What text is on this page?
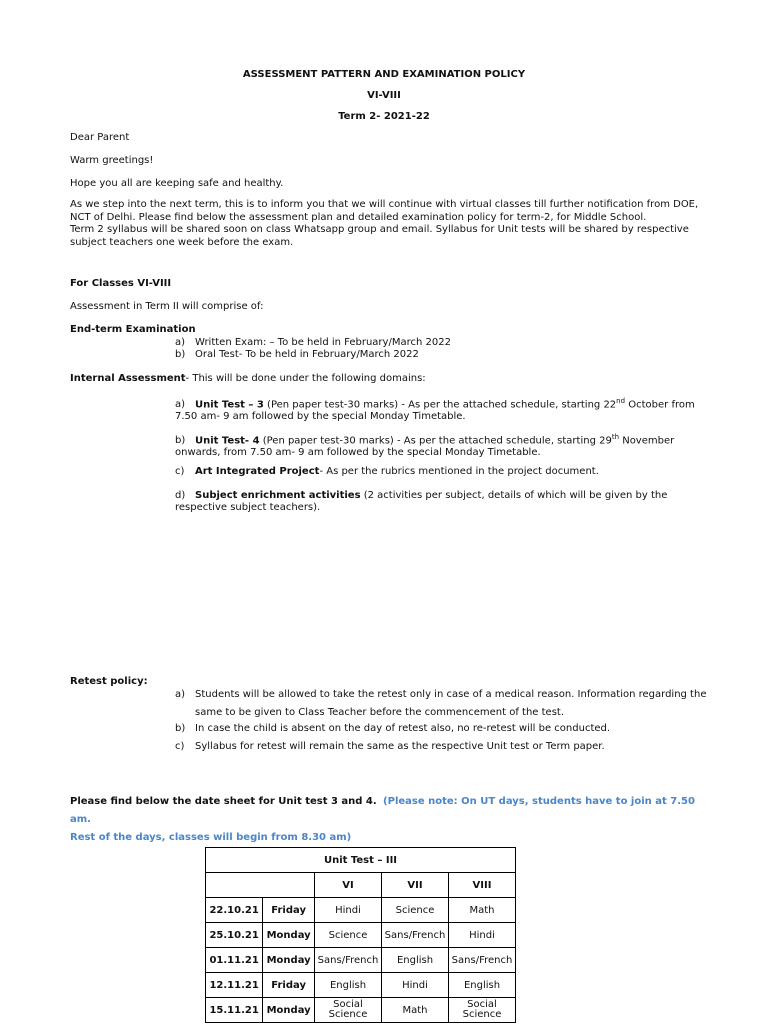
ASSESSMENT PATTERN AND EXAMINATION POLICY
VI-VIII
Term 2- 2021-22
Dear Parent
Warm greetings!
Hope you all are keeping safe and healthy.
As we step into the next term, this is to inform you that we will continue with virtual classes till further notification from DOE,
NCT of Delhi. Please find below the assessment plan and detailed examination policy for term-2, for Middle School.
Term 2 syllabus will be shared soon on class Whatsapp group and email. Syllabus for Unit tests will be shared by respective
subject teachers one week before the exam.
For Classes VI-VIII
Assessment in Term II will comprise of:
End-term Examination
a) Written Exam: – To be held in February/March 2022
b) Oral Test- To be held in February/March 2022
Internal Assessment- This will be done under the following domains:
a) Unit Test – 3 (Pen paper test-30 marks) - As per the attached schedule, starting 22nd October from
7.50 am- 9 am followed by the special Monday Timetable.
b) Unit Test- 4 (Pen paper test-30 marks) - As per the attached schedule, starting 29th November
onwards, from 7.50 am- 9 am followed by the special Monday Timetable.
c) Art Integrated Project- As per the rubrics mentioned in the project document.
d) Subject enrichment activities (2 activities per subject, details of which will be given by the
respective subject teachers).
Retest policy:
a) Students will be allowed to take the retest only in case of a medical reason. Information regarding the
same to be given to Class Teacher before the commencement of the test.
b) In case the child is absent on the day of retest also, no re-retest will be conducted.
c) Syllabus for retest will remain the same as the respective Unit test or Term paper.
Please find below the date sheet for Unit test 3 and 4. (Please note: On UT days, students have to join at 7.50 am.
Rest of the days, classes will begin from 8.30 am)
Unit Test – III				
		VI	VII	VIII
22.10.21	Friday	Hindi	Science	Math
25.10.21	Monday	Science	Sans/French	Hindi
01.11.21	Monday	Sans/French	English	Sans/French
12.11.21	Friday	English	Hindi	English
15.11.21	Monday	Social Science	Math	Social Science
